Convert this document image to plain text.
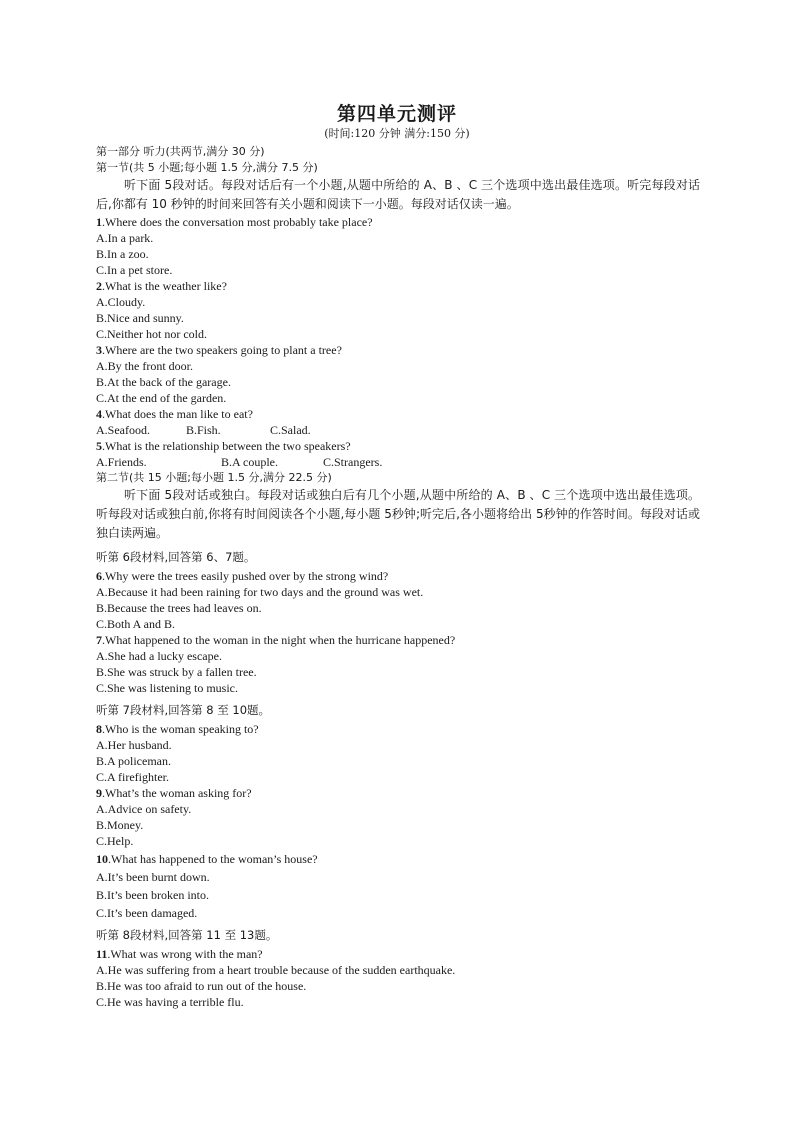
第四单元测评
(时间:120 分钟 满分:150 分)
第一部分 听力(共两节,满分 30 分)
第一节(共 5 小题;每小题 1.5 分,满分 7.5 分)

听下面 5段对话。每段对话后有一个小题,从题中所给的 A、B 、C 三个选项中选出最佳选项。听完每段对话后,你都有 10 秒钟的时间来回答有关小题和阅读下一小题。每段对话仅读一遍。

1.Where does the conversation most probably take place?
A.In a park.
B.In a zoo.
C.In a pet store.
2.What is the weather like?
A.Cloudy.
B.Nice and sunny.
C.Neither hot nor cold.
3.Where are the two speakers going to plant a tree?
A.By the front door.
B.At the back of the garage.
C.At the end of the garden.
4.What does the man like to eat?
A.Seafood.	B.Fish.	C.Salad.
5.What is the relationship between the two speakers?
A.Friends.	B.A couple.	C.Strangers.
第二节(共 15 小题;每小题 1.5 分,满分 22.5 分)

听下面 5段对话或独白。每段对话或独白后有几个小题,从题中所给的 A、B 、C 三个选项中选出最佳选项。听每段对话或独白前,你将有时间阅读各个小题,每小题 5秒钟;听完后,各小题将给出 5秒钟的作答时间。每段对话或独白读两遍。

听第 6段材料,回答第 6、7题。
6.Why were the trees easily pushed over by the strong wind?
A.Because it had been raining for two days and the ground was wet.
B.Because the trees had leaves on.
C.Both A and B.
7.What happened to the woman in the night when the hurricane happened?
A.She had a lucky escape.
B.She was struck by a fallen tree.
C.She was listening to music.
听第 7段材料,回答第 8 至 10题。
8.Who is the woman speaking to?
A.Her husband.
B.A policeman.
C.A firefighter.
9.What’s the woman asking for?
A.Advice on safety.
B.Money.
C.Help.
10.What has happened to the woman’s house?
A.It’s been burnt down.
B.It’s been broken into.
C.It’s been damaged.
听第 8段材料,回答第 11 至 13题。
11.What was wrong with the man?
A.He was suffering from a heart trouble because of the sudden earthquake.
B.He was too afraid to run out of the house.
C.He was having a terrible flu.
